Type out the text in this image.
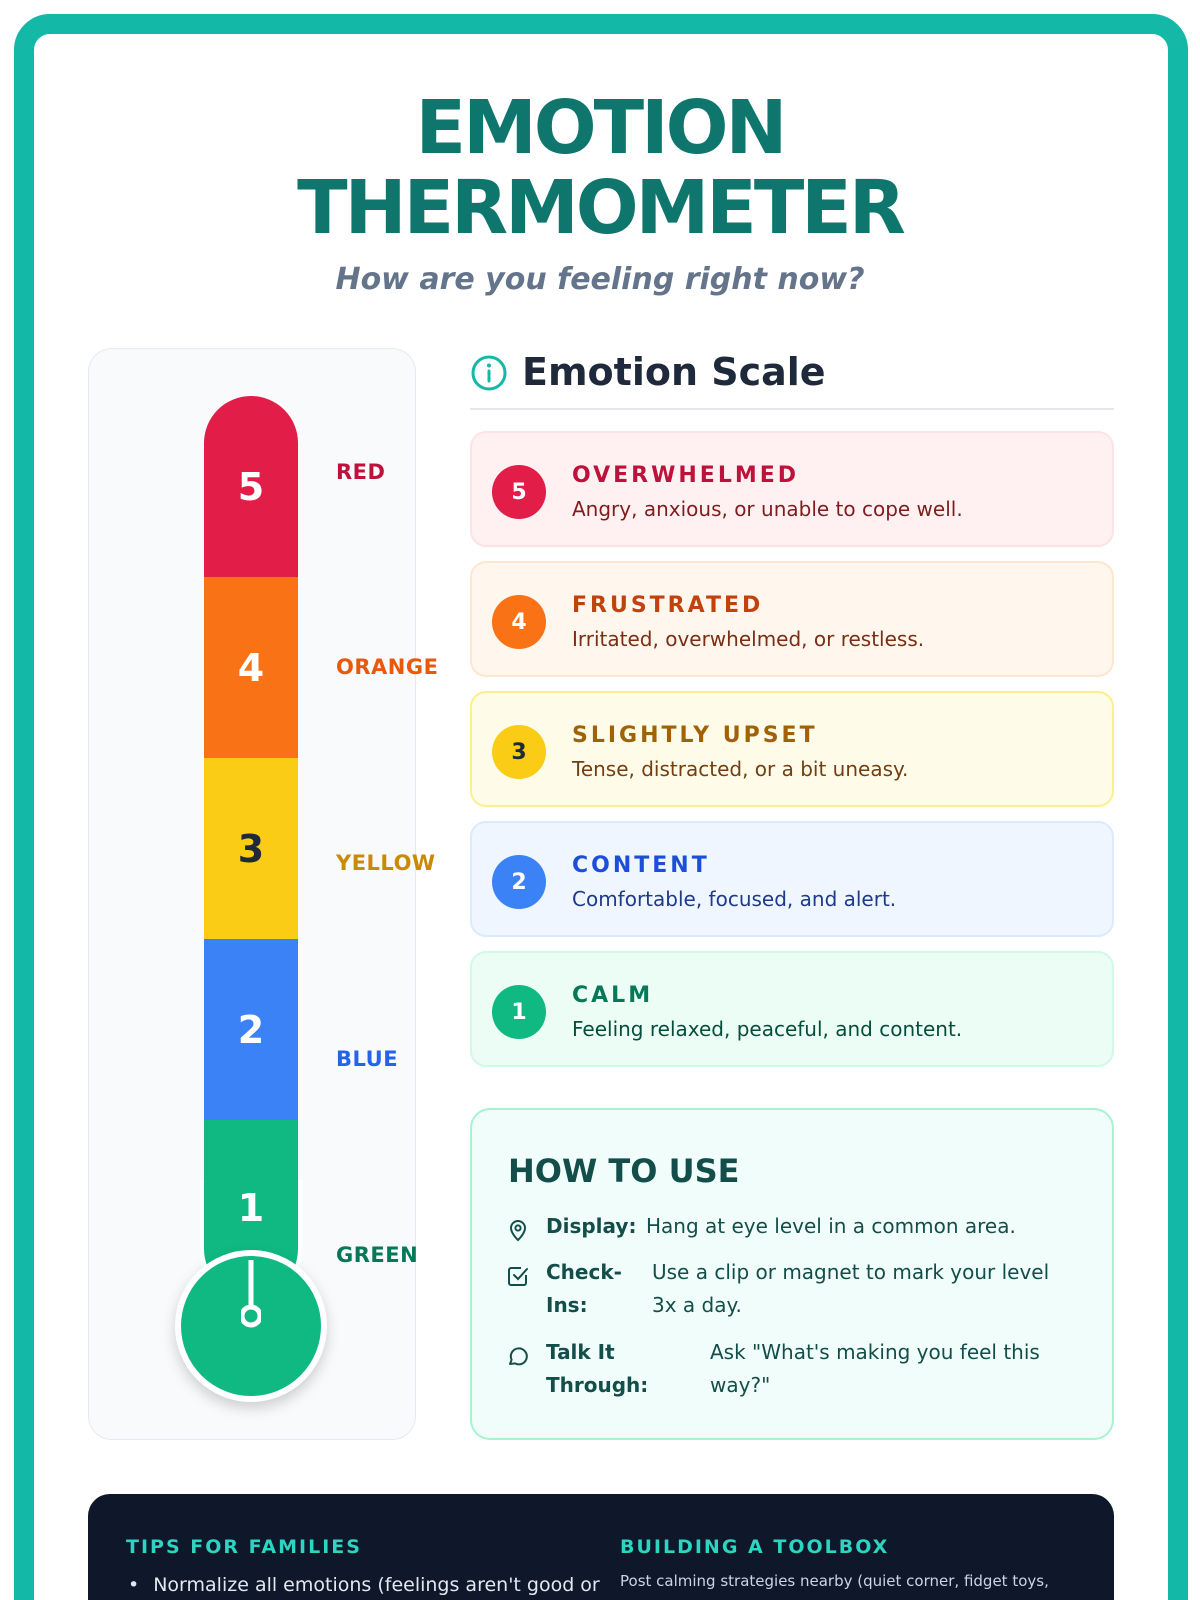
EMOTION
THERMOMETER
How are you feeling right now?
5
4
3
2
1
RED
ORANGE
YELLOW
BLUE
GREEN
Emotion Scale
5
OVERWHELMED
Angry, anxious, or unable to cope well.
4
FRUSTRATED
Irritated, overwhelmed, or restless.
3
SLIGHTLY UPSET
Tense, distracted, or a bit uneasy.
2
CONTENT
Comfortable, focused, and alert.
1
CALM
Feeling relaxed, peaceful, and content.
HOW TO USE
Display: Hang at eye level in a common area.
Check-
Ins:
Use a clip or magnet to mark your level
3x a day.
Talk It
Through:
Ask "What's making you feel this
way?"
TIPS FOR FAMILIES
• Normalize all emotions (feelings aren't good or
BUILDING A TOOLBOX
Post calming strategies nearby (quiet corner, fidget toys,
